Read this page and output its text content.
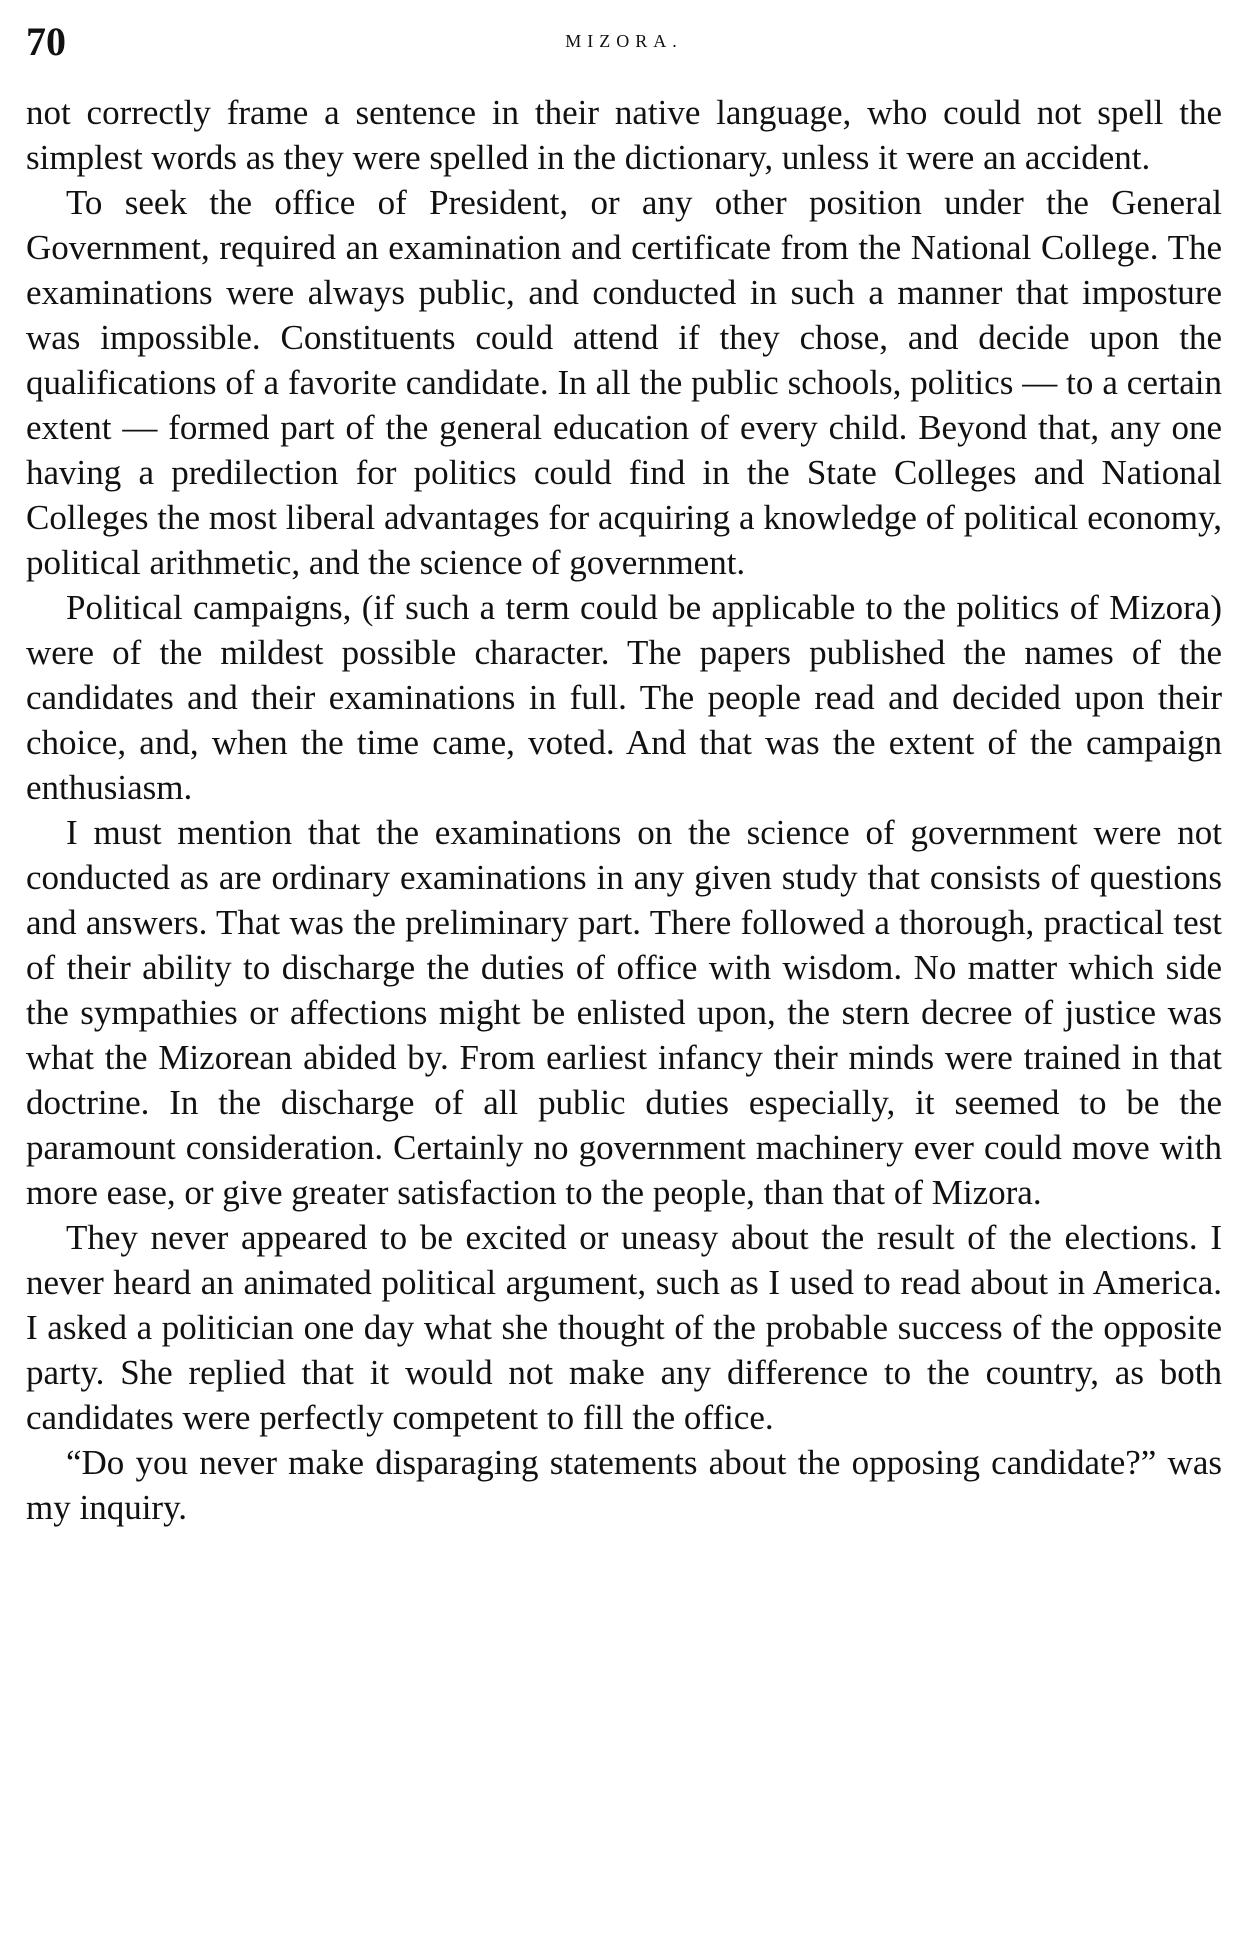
70	MIZORA.

not correctly frame a sentence in their native language, who could not spell the simplest words as they were spelled in the dictionary, unless it were an accident.

To seek the office of President, or any other position under the General Government, required an examination and certificate from the National College. The examinations were always public, and conducted in such a manner that imposture was impossible. Constituents could attend if they chose, and decide upon the qualifications of a favorite candidate. In all the public schools, politics — to a certain extent — formed part of the general education of every child. Beyond that, any one having a predilection for politics could find in the State Colleges and National Colleges the most liberal advantages for acquiring a knowledge of political economy, political arithmetic, and the science of government.

Political campaigns, (if such a term could be applicable to the politics of Mizora) were of the mildest possible character. The papers published the names of the candidates and their examinations in full. The people read and decided upon their choice, and, when the time came, voted. And that was the extent of the campaign enthusiasm.

I must mention that the examinations on the science of government were not conducted as are ordinary examinations in any given study that consists of questions and answers. That was the preliminary part. There followed a thorough, practical test of their ability to discharge the duties of office with wisdom. No matter which side the sympathies or affections might be enlisted upon, the stern decree of justice was what the Mizorean abided by. From earliest infancy their minds were trained in that doctrine. In the discharge of all public duties especially, it seemed to be the paramount consideration. Certainly no government machinery ever could move with more ease, or give greater satisfaction to the people, than that of Mizora.

They never appeared to be excited or uneasy about the result of the elections. I never heard an animated political argument, such as I used to read about in America. I asked a politician one day what she thought of the probable success of the opposite party. She replied that it would not make any difference to the country, as both candidates were perfectly competent to fill the office.

“Do you never make disparaging statements about the opposing candidate?” was my inquiry.
